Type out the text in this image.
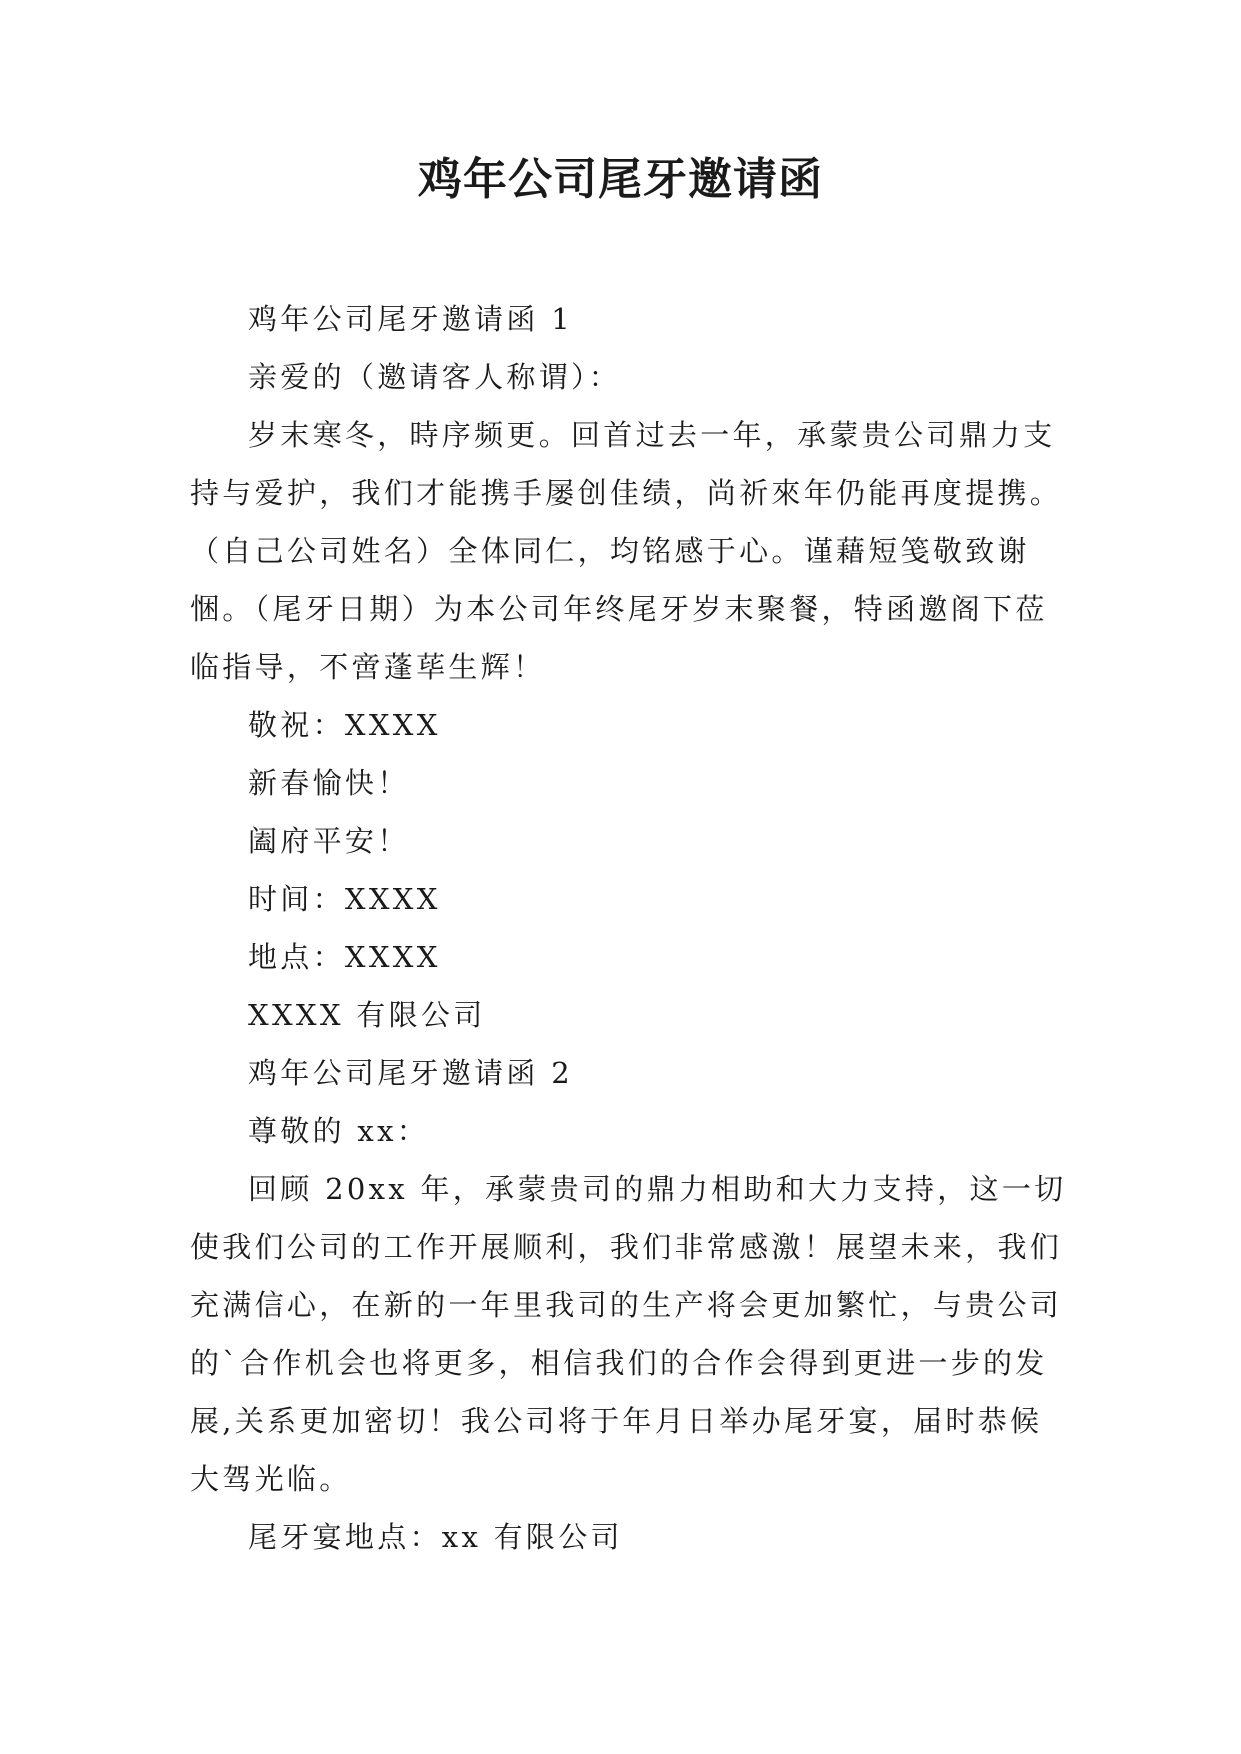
鸡年公司尾牙邀请函

鸡年公司尾牙邀请函 1

亲爱的（邀请客人称谓）：

岁末寒冬，時序频更。回首过去一年，承蒙贵公司鼎力支持与爱护，我们才能携手屡创佳绩，尚祈來年仍能再度提携。（自己公司姓名）全体同仁，均铭感于心。谨藉短笺敬致谢悃。（尾牙日期）为本公司年终尾牙岁末聚餐，特函邀阁下莅临指导，不啻蓬荜生辉！

敬祝：XXXX

新春愉快！

阖府平安！

时间：XXXX

地点：XXXX

XXXX 有限公司

鸡年公司尾牙邀请函 2

尊敬的 xx：

回顾 20xx 年，承蒙贵司的鼎力相助和大力支持，这一切使我们公司的工作开展顺利，我们非常感激！展望未来，我们充满信心，在新的一年里我司的生产将会更加繁忙，与贵公司的`合作机会也将更多，相信我们的合作会得到更进一步的发展,关系更加密切！我公司将于年月日举办尾牙宴，届时恭候大驾光临。

尾牙宴地点：xx 有限公司
